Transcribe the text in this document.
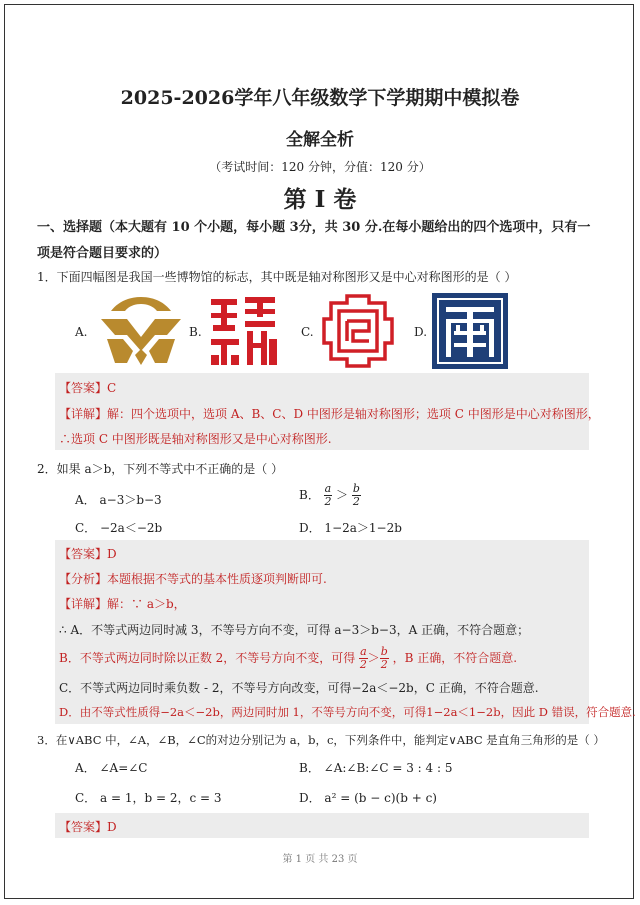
2025-2026学年八年级数学下学期期中模拟卷
全解全析
（考试时间：120 分钟，分值：120 分）
第 I 卷
一、选择题（本大题有 10 个小题，每小题 3分，共 30 分.在每小题给出的四个选项中，只有一
项是符合题目要求的）
1．下面四幅图是我国一些博物馆的标志，其中既是轴对称图形又是中心对称图形的是（ ）
A.	B.	C.	D.
【答案】C
【详解】解：四个选项中，选项 A、B、C、D 中图形是轴对称图形；选项 C 中图形是中心对称图形，
∴选项 C 中图形既是轴对称图形又是中心对称图形.
2．如果 a＞b，下列不等式中不正确的是（ ）
A． a−3＞b−3	B． $\frac{a}{2} > \frac{b}{2}$
C． −2a＜−2b	D． 1−2a＞1−2b
【答案】D
【分析】本题根据不等式的基本性质逐项判断即可.
【详解】解：∵ a＞b，
∴ A．不等式两边同时减 3，不等号方向不变，可得 a−3＞b−3，A 正确，不符合题意；
B．不等式两边同时除以正数 2，不等号方向不变，可得 $\frac{a}{2} > \frac{b}{2}$ ，B 正确，不符合题意.
C．不等式两边同时乘负数 - 2，不等号方向改变，可得−2a＜−2b，C 正确，不符合题意.
D．由不等式性质得−2a＜−2b，两边同时加 1，不等号方向不变，可得1−2a＜1−2b，因此 D 错误，符合题意.
3．在∨ABC 中，∠A，∠B，∠C的对边分别记为 a，b，c，下列条件中，能判定∨ABC 是直角三角形的是（ ）
A． ∠A=∠C	B． ∠A:∠B:∠C = 3 : 4 : 5
C． a = 1，b = 2，c = 3	D． a² = (b − c)(b + c)
【答案】D
第 1 页 共 23 页
